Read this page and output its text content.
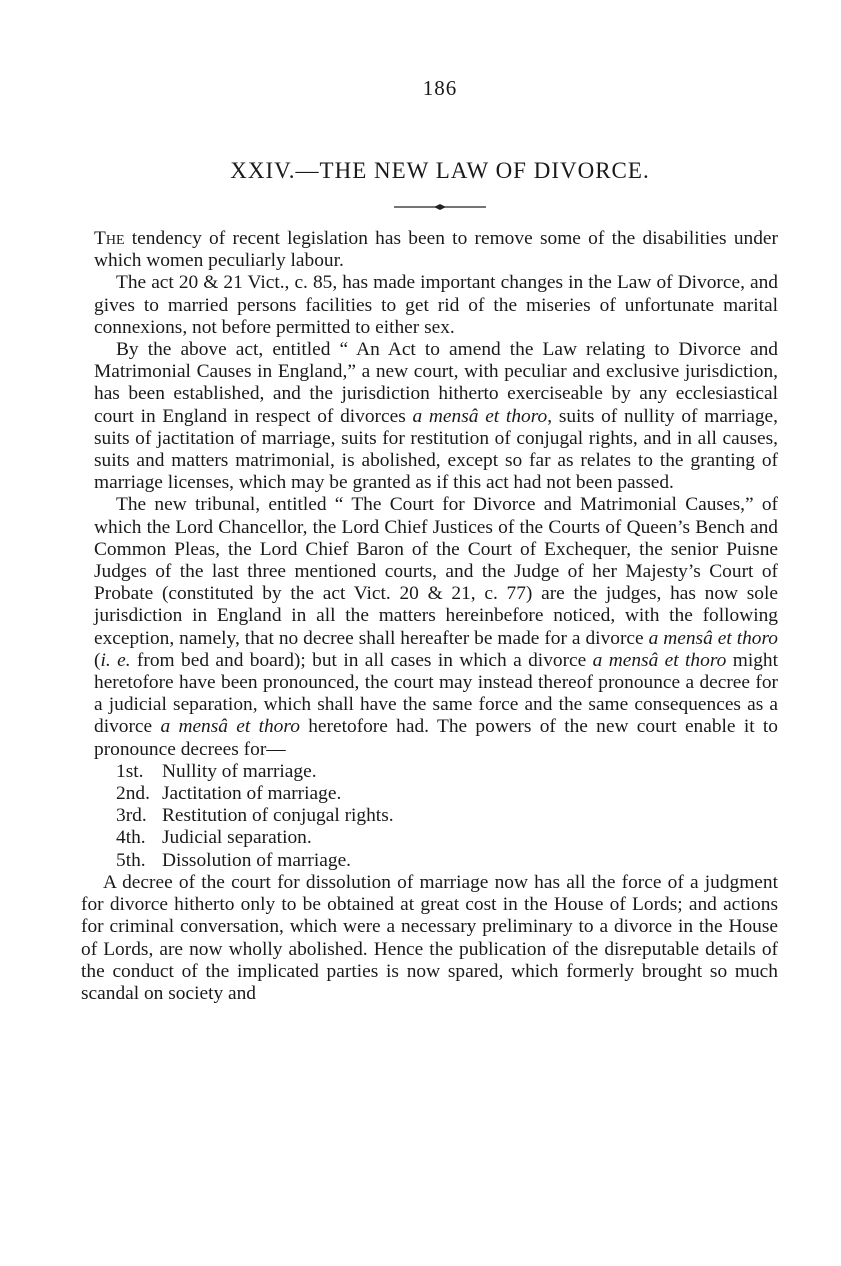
186
XXIV.—THE NEW LAW OF DIVORCE.

The tendency of recent legislation has been to remove some of the disabilities under which women peculiarly labour.

The act 20 & 21 Vict., c. 85, has made important changes in the Law of Divorce, and gives to married persons facilities to get rid of the miseries of unfortunate marital connexions, not before permitted to either sex.

By the above act, entitled “ An Act to amend the Law relating to Divorce and Matrimonial Causes in England,” a new court, with peculiar and exclusive jurisdiction, has been established, and the jurisdiction hitherto exerciseable by any ecclesiastical court in England in respect of divorces a mensâ et thoro, suits of nullity of marriage, suits of jactitation of marriage, suits for restitution of conjugal rights, and in all causes, suits and matters matrimonial, is abolished, except so far as relates to the granting of marriage licenses, which may be granted as if this act had not been passed.

The new tribunal, entitled “ The Court for Divorce and Matrimonial Causes,” of which the Lord Chancellor, the Lord Chief Justices of the Courts of Queen’s Bench and Common Pleas, the Lord Chief Baron of the Court of Exchequer, the senior Puisne Judges of the last three mentioned courts, and the Judge of her Majesty’s Court of Probate (constituted by the act Vict. 20 & 21, c. 77) are the judges, has now sole jurisdiction in England in all the matters hereinbefore noticed, with the following exception, namely, that no decree shall hereafter be made for a divorce a mensâ et thoro (i. e. from bed and board); but in all cases in which a divorce a mensâ et thoro might heretofore have been pronounced, the court may instead thereof pronounce a decree for a judicial separation, which shall have the same force and the same consequences as a divorce a mensâ et thoro heretofore had. The powers of the new court enable it to pronounce decrees for—

1st. Nullity of marriage.
2nd. Jactitation of marriage.
3rd. Restitution of conjugal rights.
4th. Judicial separation.
5th. Dissolution of marriage.

A decree of the court for dissolution of marriage now has all the force of a judgment for divorce hitherto only to be obtained at great cost in the House of Lords; and actions for criminal conversation, which were a necessary preliminary to a divorce in the House of Lords, are now wholly abolished. Hence the publication of the disreputable details of the conduct of the implicated parties is now spared, which formerly brought so much scandal on society and
